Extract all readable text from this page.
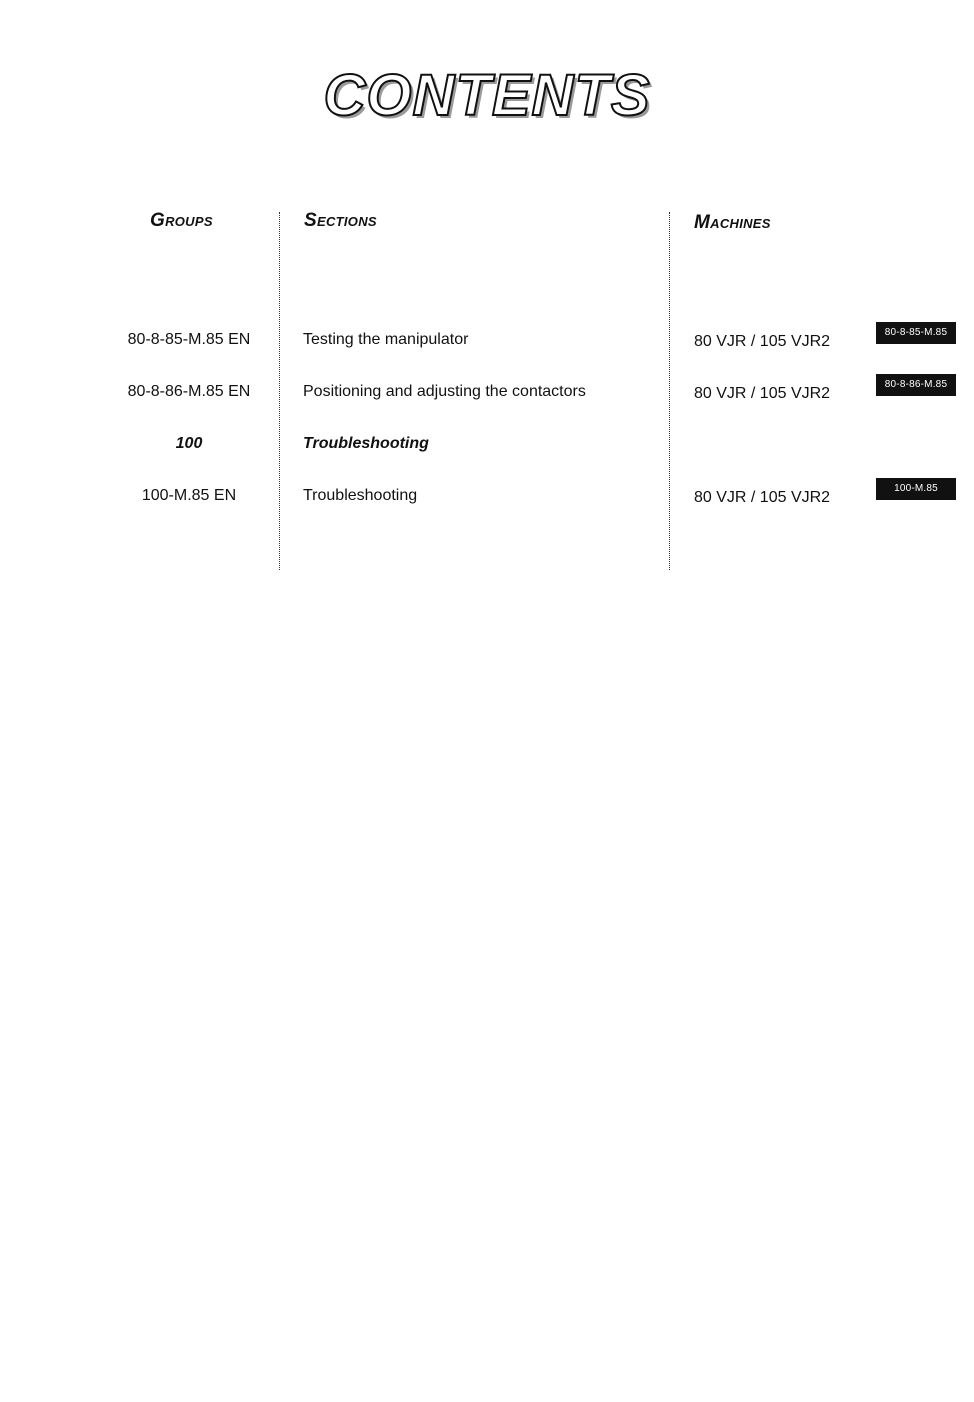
CONTENTS
Groups	Sections	Machines
80-8-85-M.85 EN	Testing the manipulator	80 VJR / 105 VJR2
80-8-85-M.85
80-8-86-M.85 EN	Positioning and adjusting the contactors	80 VJR / 105 VJR2
80-8-86-M.85
100	Troubleshooting
100-M.85 EN	Troubleshooting	80 VJR / 105 VJR2
100-M.85
